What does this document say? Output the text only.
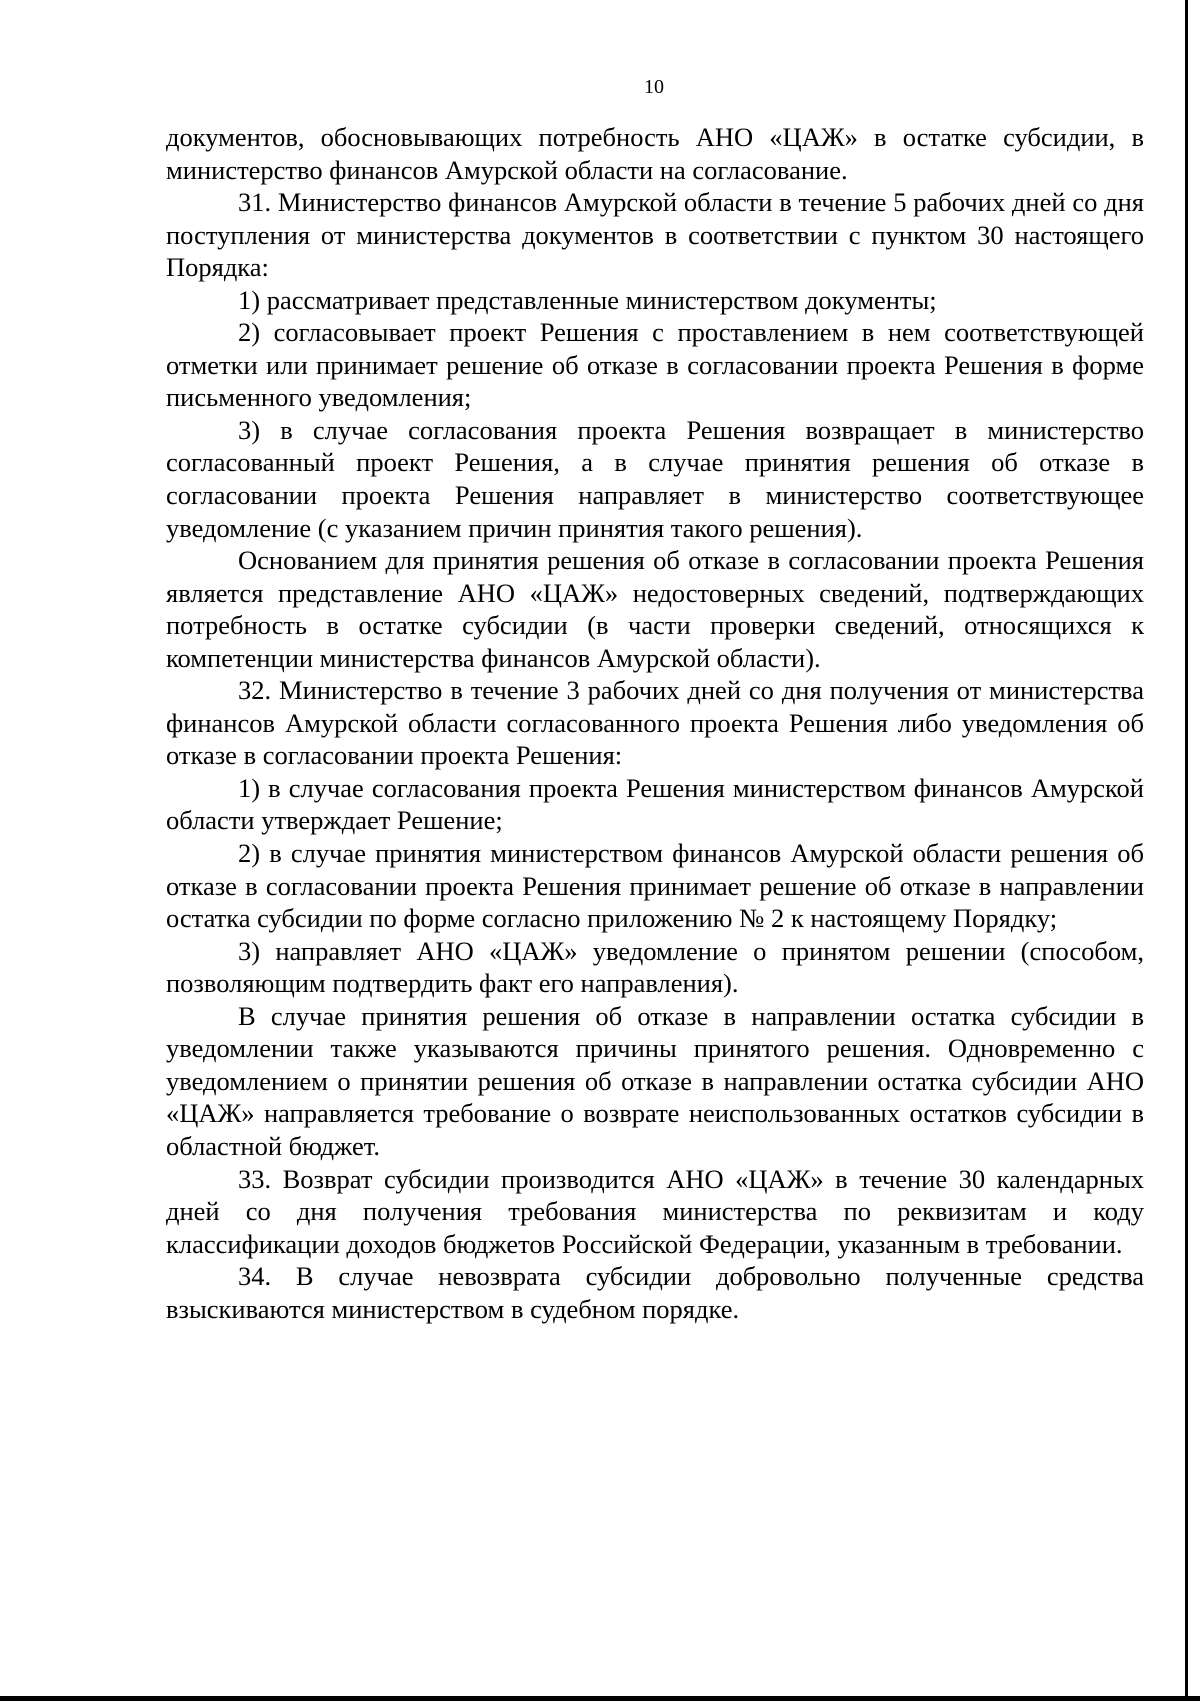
10

документов, обосновывающих потребность АНО «ЦАЖ» в остатке субсидии, в министерство финансов Амурской области на согласование.

31. Министерство финансов Амурской области в течение 5 рабочих дней со дня поступления от министерства документов в соответствии с пунктом 30 настоящего Порядка:

1) рассматривает представленные министерством документы;

2) согласовывает проект Решения с проставлением в нем соответствующей отметки или принимает решение об отказе в согласовании проекта Решения в форме письменного уведомления;

3) в случае согласования проекта Решения возвращает в министерство согласованный проект Решения, а в случае принятия решения об отказе в согласовании проекта Решения направляет в министерство соответствующее уведомление (с указанием причин принятия такого решения).

Основанием для принятия решения об отказе в согласовании проекта Решения является представление АНО «ЦАЖ» недостоверных сведений, подтверждающих потребность в остатке субсидии (в части проверки сведений, относящихся к компетенции министерства финансов Амурской области).

32. Министерство в течение 3 рабочих дней со дня получения от министерства финансов Амурской области согласованного проекта Решения либо уведомления об отказе в согласовании проекта Решения:

1) в случае согласования проекта Решения министерством финансов Амурской области утверждает Решение;

2) в случае принятия министерством финансов Амурской области решения об отказе в согласовании проекта Решения принимает решение об отказе в направлении остатка субсидии по форме согласно приложению № 2 к настоящему Порядку;

3) направляет АНО «ЦАЖ» уведомление о принятом решении (способом, позволяющим подтвердить факт его направления).

В случае принятия решения об отказе в направлении остатка субсидии в уведомлении также указываются причины принятого решения. Одновременно с уведомлением о принятии решения об отказе в направлении остатка субсидии АНО «ЦАЖ» направляется требование о возврате неиспользованных остатков субсидии в областной бюджет.

33. Возврат субсидии производится АНО «ЦАЖ» в течение 30 календарных дней со дня получения требования министерства по реквизитам и коду классификации доходов бюджетов Российской Федерации, указанным в требовании.

34. В случае невозврата субсидии добровольно полученные средства взыскиваются министерством в судебном порядке.
